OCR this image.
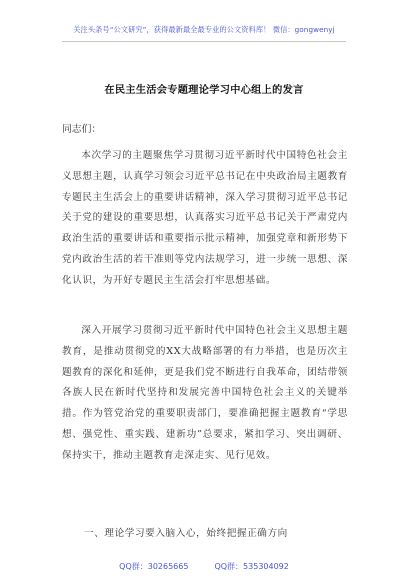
关注头条号“公文研究”，获得最新最全最专业的公文资料库！ 微信：gongwenyj
在民主生活会专题理论学习中心组上的发言
同志们：

本次学习的主题聚焦学习贯彻习近平新时代中国特色社会主义思想主题，认真学习领会习近平总书记在中央政治局主题教育专题民主生活会上的重要讲话精神，深入学习贯彻习近平总书记关于党的建设的重要思想，认真落实习近平总书记关于严肃党内政治生活的重要讲话和重要指示批示精神，加强党章和新形势下党内政治生活的若干准则等党内法规学习，进一步统一思想、深化认识，为开好专题民主生活会打牢思想基础。

深入开展学习贯彻习近平新时代中国特色社会主义思想主题教育，是推动贯彻党的XX大战略部署的有力举措，也是历次主题教育的深化和延伸，更是我们党不断进行自我革命，团结带领各族人民在新时代坚持和发展完善中国特色社会主义的关键举措。作为管党治党的重要职责部门，要准确把握主题教育“学思想、强党性、重实践、建新功”总要求，紧扣学习、突出调研、保持实干，推动主题教育走深走实、见行见效。

一、理论学习要入脑入心，始终把握正确方向
QQ群：30265665	QQ群：535304092
